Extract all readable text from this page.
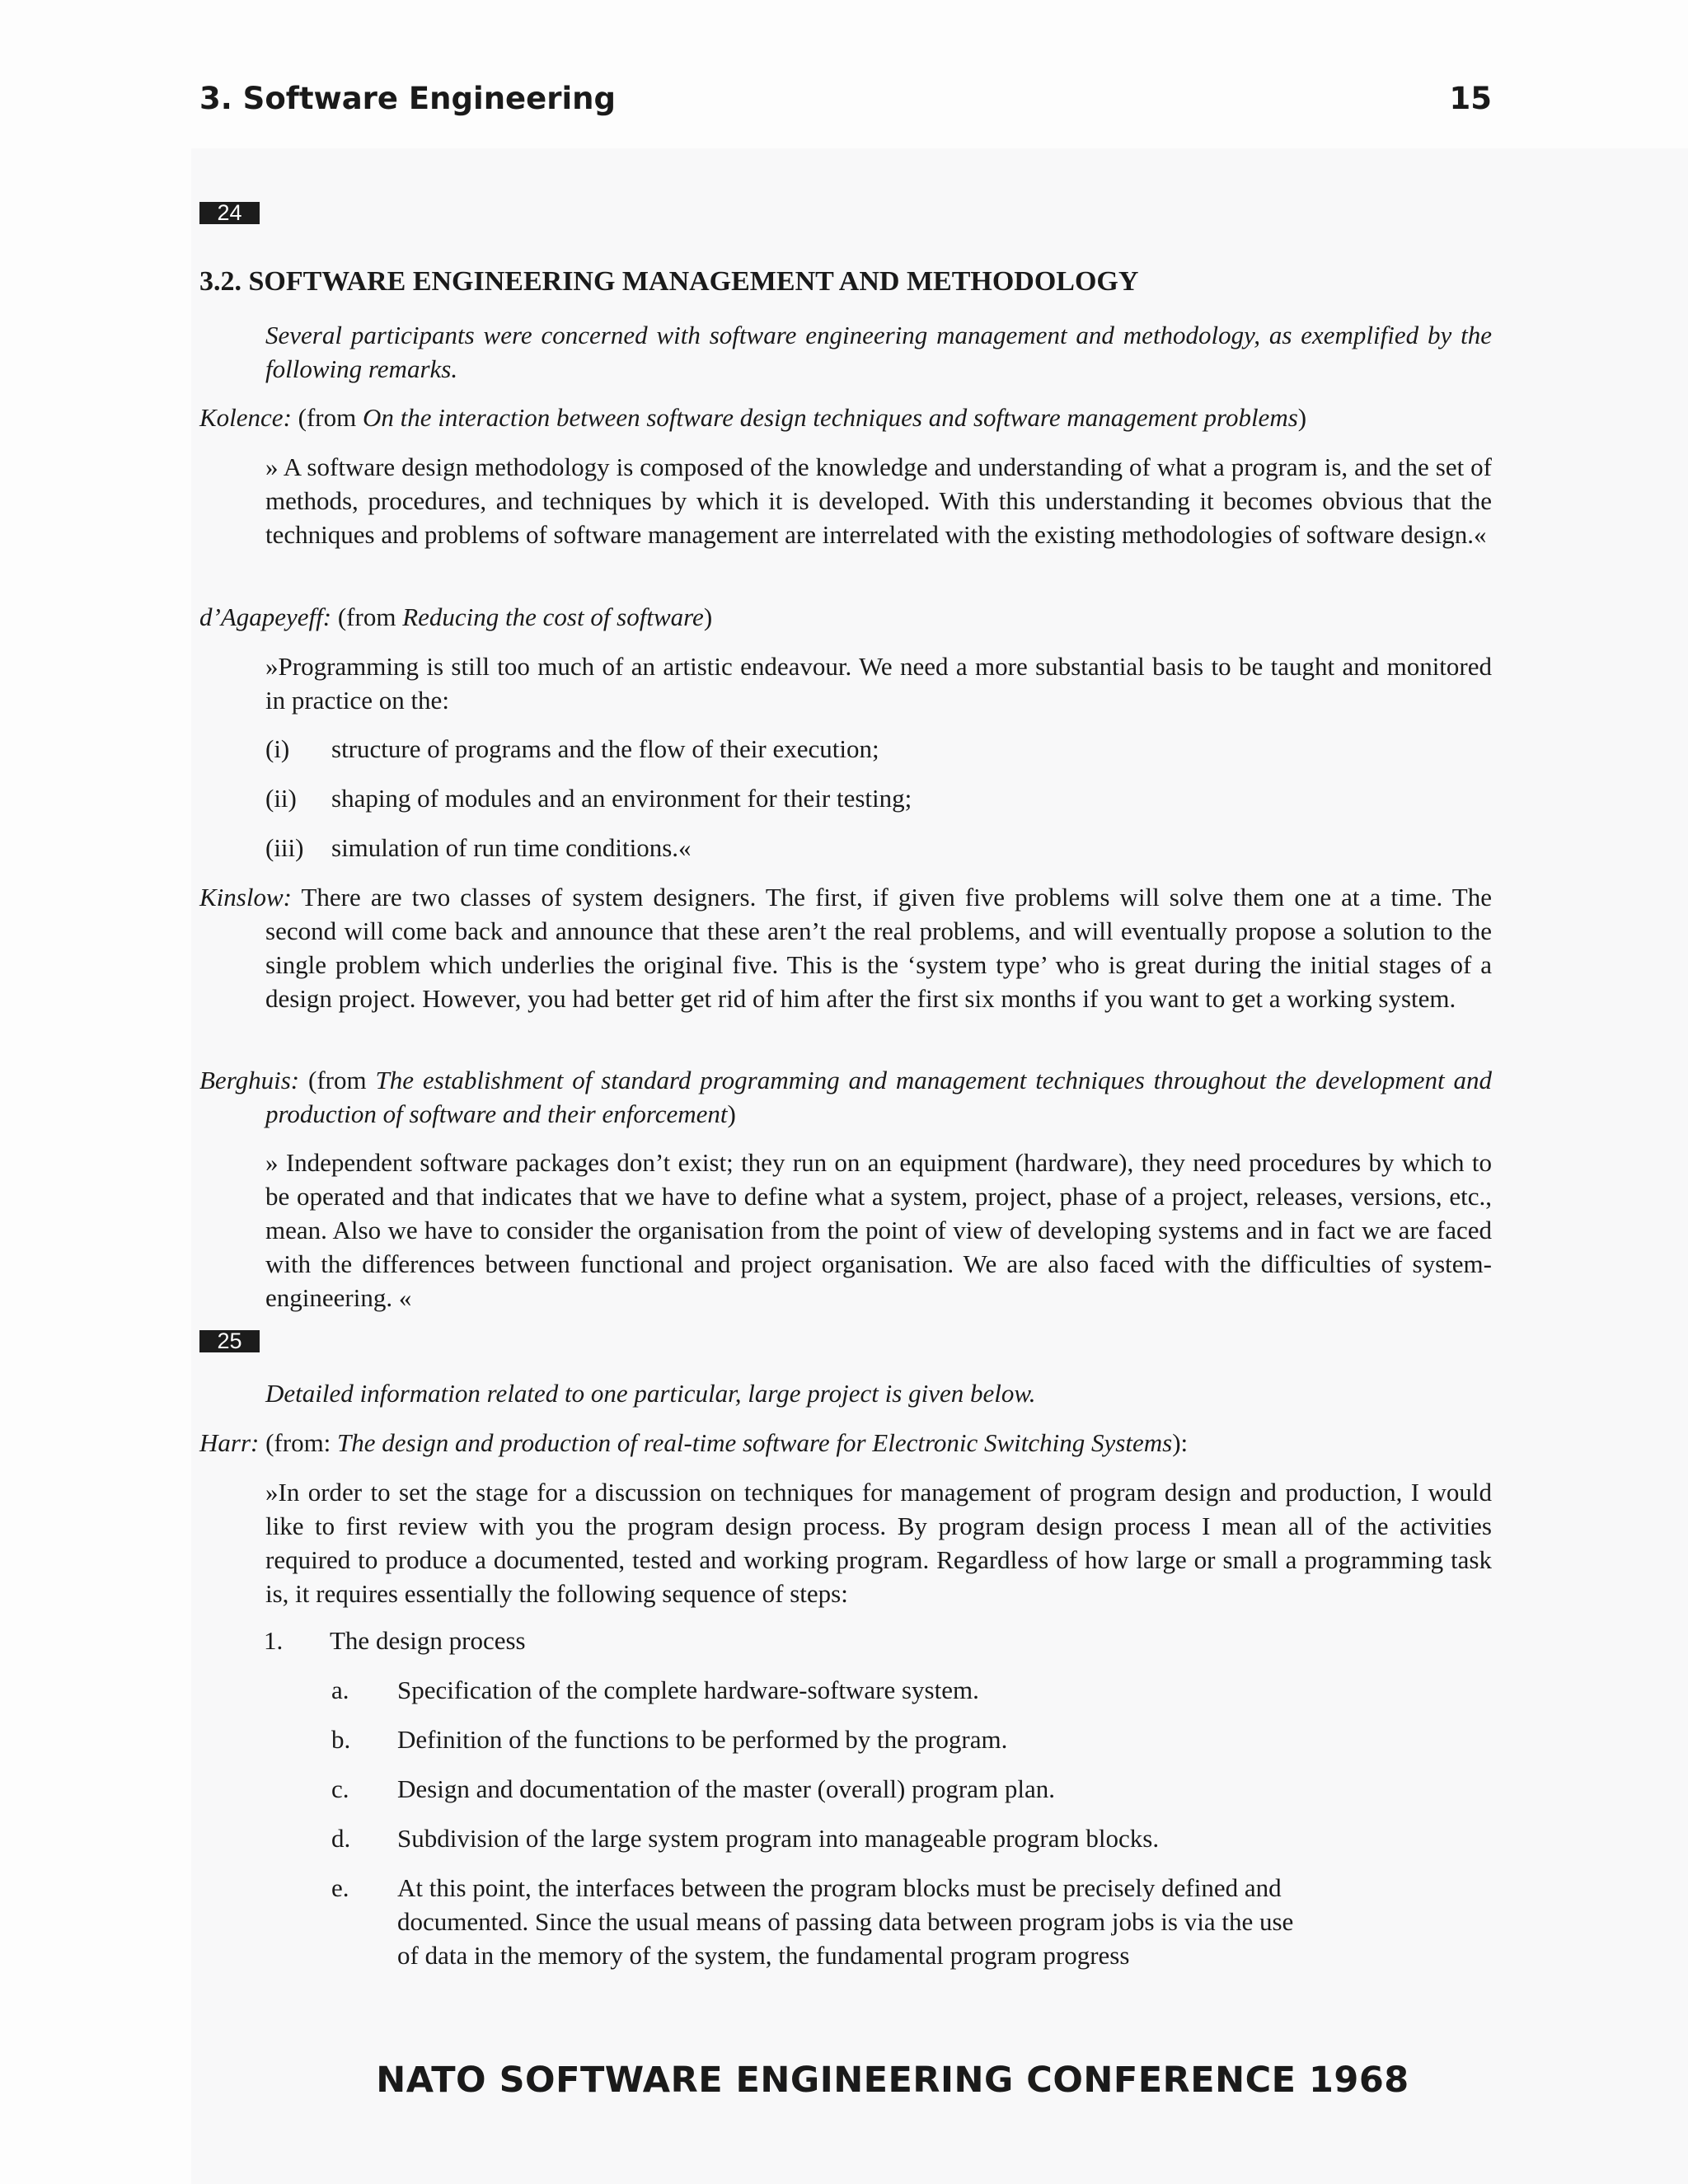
3. Software Engineering	15
24
3.2. SOFTWARE ENGINEERING MANAGEMENT AND METHODOLOGY

Several participants were concerned with software engineering management and methodology, as exemplified by the following remarks.

Kolence: (from On the interaction between software design techniques and software management problems)

» A software design methodology is composed of the knowledge and understanding of what a program is, and the set of methods, procedures, and techniques by which it is developed. With this understanding it becomes obvious that the techniques and problems of software management are interrelated with the existing methodologies of software design.«

d’Agapeyeff: (from Reducing the cost of software)

»Programming is still too much of an artistic endeavour. We need a more substantial basis to be taught and monitored in practice on the:

(i) structure of programs and the flow of their execution;
(ii) shaping of modules and an environment for their testing;
(iii) simulation of run time conditions.«

Kinslow: There are two classes of system designers. The first, if given five problems will solve them one at a time. The second will come back and announce that these aren’t the real problems, and will eventually propose a solution to the single problem which underlies the original five. This is the ‘system type’ who is great during the initial stages of a design project. However, you had better get rid of him after the first six months if you want to get a working system.

Berghuis: (from The establishment of standard programming and management techniques throughout the development and production of software and their enforcement)

» Independent software packages don’t exist; they run on an equipment (hardware), they need procedures by which to be operated and that indicates that we have to define what a system, project, phase of a project, releases, versions, etc., mean. Also we have to consider the organisation from the point of view of developing systems and in fact we are faced with the differences between functional and project organisation. We are also faced with the difficulties of system-engineering. «

25

Detailed information related to one particular, large project is given below.

Harr: (from: The design and production of real-time software for Electronic Switching Systems):

»In order to set the stage for a discussion on techniques for management of program design and production, I would like to first review with you the program design process. By program design process I mean all of the activities required to produce a documented, tested and working program. Regardless of how large or small a programming task is, it requires essentially the following sequence of steps:

1. The design process
a. Specification of the complete hardware-software system.
b. Definition of the functions to be performed by the program.
c. Design and documentation of the master (overall) program plan.
d. Subdivision of the large system program into manageable program blocks.
e. At this point, the interfaces between the program blocks must be precisely defined and documented. Since the usual means of passing data between program jobs is via the use of data in the memory of the system, the fundamental program progress
NATO SOFTWARE ENGINEERING CONFERENCE 1968
